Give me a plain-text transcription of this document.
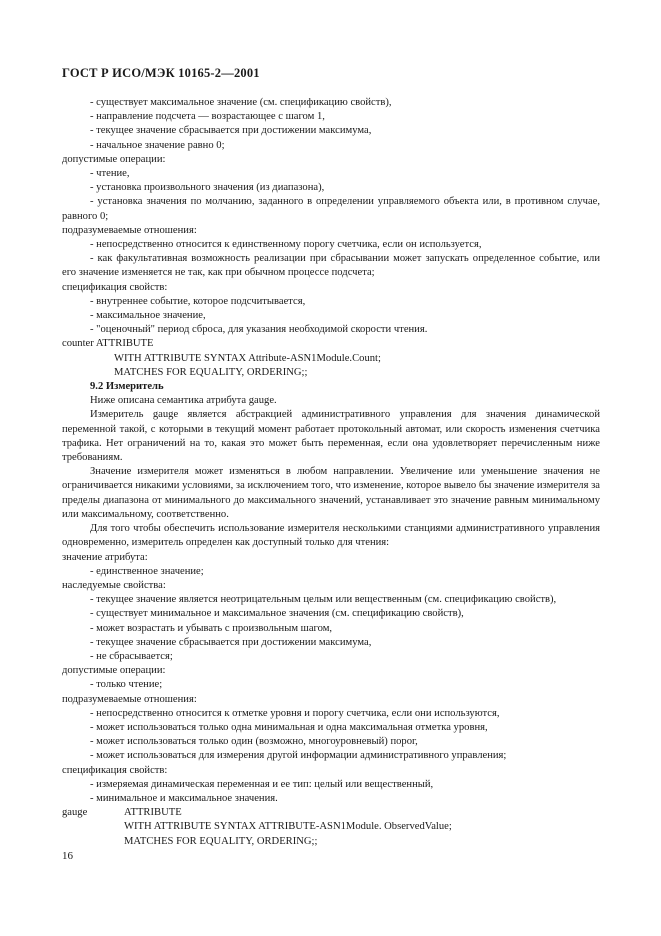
ГОСТ Р ИСО/МЭК 10165-2—2001
- существует максимальное значение (см. спецификацию свойств),
- направление подсчета — возрастающее с шагом 1,
- текущее значение сбрасывается при достижении максимума,
- начальное значение равно 0;
допустимые операции:
- чтение,
- установка произвольного значения (из диапазона),
- установка значения по молчанию, заданного в определении управляемого объекта или, в противном случае, равного 0;
подразумеваемые отношения:
- непосредственно относится к единственному порогу счетчика, если он используется,
- как факультативная возможность реализации при сбрасывании может запускать определенное событие, или его значение изменяется не так, как при обычном процессе подсчета;
спецификация свойств:
- внутреннее событие, которое подсчитывается,
- максимальное значение,
- "оценочный" период сброса, для указания необходимой скорости чтения.
counter ATTRIBUTE
WITH ATTRIBUTE SYNTAX Attribute-ASN1Module.Count;
MATCHES FOR EQUALITY, ORDERING;;
9.2 Измеритель
Ниже описана семантика атрибута gauge.
Измеритель gauge является абстракцией административного управления для значения динамической переменной такой, с которыми в текущий момент работает протокольный автомат, или скорость изменения счетчика трафика. Нет ограничений на то, какая это может быть переменная, если она удовлетворяет перечисленным ниже требованиям.
Значение измерителя может изменяться в любом направлении. Увеличение или уменьшение значения не ограничивается никакими условиями, за исключением того, что изменение, которое вывело бы значение измерителя за пределы диапазона от минимального до максимального значений, устанавливает это значение равным минимальному или максимальному, соответственно.
Для того чтобы обеспечить использование измерителя несколькими станциями административного управления одновременно, измеритель определен как доступный только для чтения:
значение атрибута:
- единственное значение;
наследуемые свойства:
- текущее значение является неотрицательным целым или вещественным (см. спецификацию свойств),
- существует минимальное и максимальное значения (см. спецификацию свойств),
- может возрастать и убывать с произвольным шагом,
- текущее значение сбрасывается при достижении максимума,
- не сбрасывается;
допустимые операции:
- только чтение;
подразумеваемые отношения:
- непосредственно относится к отметке уровня и порогу счетчика, если они используются,
- может использоваться только одна минимальная и одна максимальная отметка уровня,
- может использоваться только один (возможно, многоуровневый) порог,
- может использоваться для измерения другой информации административного управления;
спецификация свойств:
- измеряемая динамическая переменная и ее тип: целый или вещественный,
- минимальное и максимальное значения.
gauge	ATTRIBUTE
WITH ATTRIBUTE SYNTAX ATTRIBUTE-ASN1Module. ObservedValue;
MATCHES FOR EQUALITY, ORDERING;;
16
